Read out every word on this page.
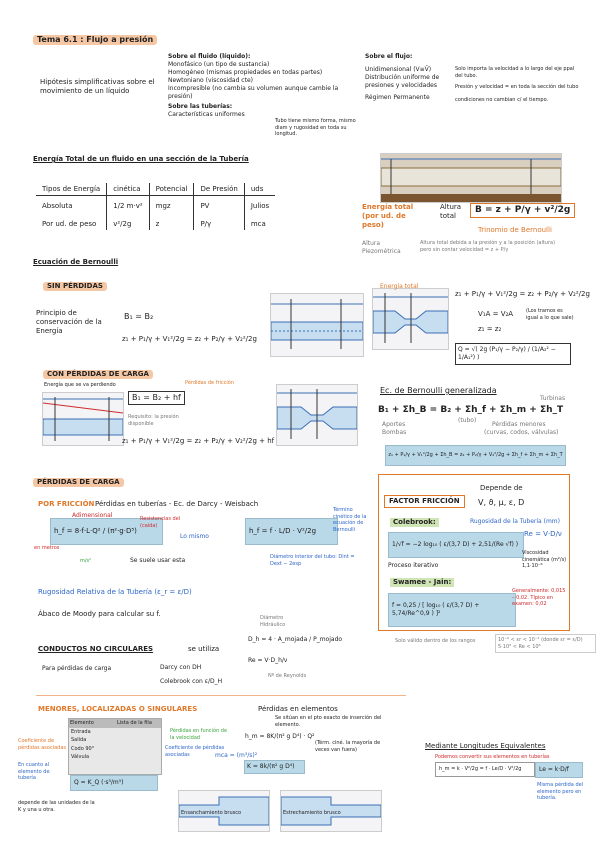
Tema 6.1 : Flujo a presión
Hipótesis simplificativas sobre el movimiento de un líquido
Sobre el fluido (líquido):
Monofásico (un tipo de sustancia)
Homogéneo (mismas propiedades en todas partes)
Newtoniano (viscosidad cte)
Incompresible (no cambia su volumen aunque cambie la presión)
Sobre las tuberías:
Características uniformes
Tubo tiene mismo forma, mismo diam y rugosidad en toda su longitud.
Sobre el flujo:
Unidimensional (V≡V̄)
Distribución uniforme de presiones y velocidades
Régimen Permanente
Solo importa la velocidad a lo largo del eje ppal del tubo.
Presión y velocidad = en toda la sección del tubo
condiciones no cambian c/ el tiempo.
Energía Total de un fluido en una sección de la Tubería
Tipos de Energía	cinética	Potencial	De Presión	uds
Absoluta	1/2 m·v²	mgz	PV	Julios
Por ud. de peso	v²/2g	z	P/γ	mca
Energía total (por ud. de peso)
Altura total
B = z + P/γ + v²/2g
Trinomio de Bernoulli
Altura Piezométrica
Altura total debida a la presión y a la posición (altura) pero sin contar velocidad = z + P/γ
Ecuación de Bernoulli
SIN PÉRDIDAS
Principio de conservación de la Energía
B₁ = B₂
z₁ + P₁/γ + V₁²/2g = z₂ + P₂/γ + V₂²/2g
Energía total
z₁ + P₁/γ + V₁²/2g = z₂ + P₂/γ + V₂²/2g
V₁A = V₂A	(Los tramos es igual a lo que sale)
z₁ = z₂
Q = √( 2g (P₁/γ − P₂/γ) / (1/A₂² − 1/A₁²) )
CON PÉRDIDAS DE CARGA
Energía que se va perdiendo
B₁ = B₂ + hf
Pérdidas de fricción
Requisito: la presión disponible
z₁ + P₁/γ + V₁²/2g = z₂ + P₂/γ + V₂²/2g + hf
Ec. de Bernoulli generalizada
B₁ + Σh_B = B₂ + Σh_f + Σh_m + Σh_T
Aportes
Bombas
(tubo)
Pérdidas menores
(curvas, codos, válvulas)
Turbinas
z₁ + P₁/γ + V₁²/2g + Σh_B = z₂ + P₂/γ + V₂²/2g + Σh_f + Σh_m + Σh_T
PÉRDIDAS DE CARGA
POR FRICCIÓN Pérdidas en tuberías - Ec. de Darcy - Weisbach
h_f = 8·f·L·Q² / (π²·g·D⁵)
Adimensional	Resistencias del (caída)
Lo mismo
h_f = f · L/D · V²/2g
Término cinético de la ecuación de Bernoulli
Diámetro interior del tubo: Dint = Dext − 2esp
m/s²
en metros
Se suele usar esta
Rugosidad Relativa de la Tubería (ε_r = ε/D)
Ábaco de Moody para calcular su f.
FACTOR FRICCIÓN
Depende de
V, ϑ, μ, ε, D
Colebrook:	Rugosidad de la Tubería (mm)
1/√f = −2 log₁₀ ( ε/(3,7 D) + 2,51/(Re √f) )
Re = V·D/ν
Viscosidad cinemática (m²/s) 1,1·10⁻⁶
Proceso iterativo
Swamee - Jain:
f = 0,25 / [ log₁₀ ( ε/(3,7 D) + 5,74/Re^0,9 ) ]²
Generalmente: 0,015 – 0,02. Típico en examen: 0,02
Solo válido dentro de los rangos	10⁻⁶ < εr < 10⁻² (donde εr = ε/D)
5·10³ < Re < 10⁸
CONDUCTOS NO CIRCULARES	se utiliza
D_h = 4 · A_mojada / P_mojado
Diámetro Hidráulico
Para pérdidas de carga	Darcy con DH
Colebrook con ε/D_H
Re = V·D_h/ν
Nº de Reynolds
MENORES, LOCALIZADAS O SINGULARES	Pérdidas en elementos
Se sitúan en el pto exacto de inserción del elemento.
Elemento	Lista de la fila
Entrada
Salida
Codo 90°
Válvula
Coeficiente de pérdidas asociadas
En cuanto al elemento de tubería
Pérdidas en función de la velocidad
Coeficiente de pérdidas asociadas
Q = K_Q (·s³/m⁵)
depende de las unidades de la K y una u otra.
h_m = 8K/(π² g D⁴) · Q²
mca = (m³/s)²
K = 8k/(π² g D⁴)
(Térm. ciné. la mayoría de veces van fuera)
Ensanchamiento brusco	Estrechamiento brusco
Mediante Longitudes Equivalentes
Podemos convertir sus elementos en tuberías
h_m = k · V²/2g = f · Le/D · V²/2g	Le = k·D/f
Misma pérdida del elemento pero en tubería.
